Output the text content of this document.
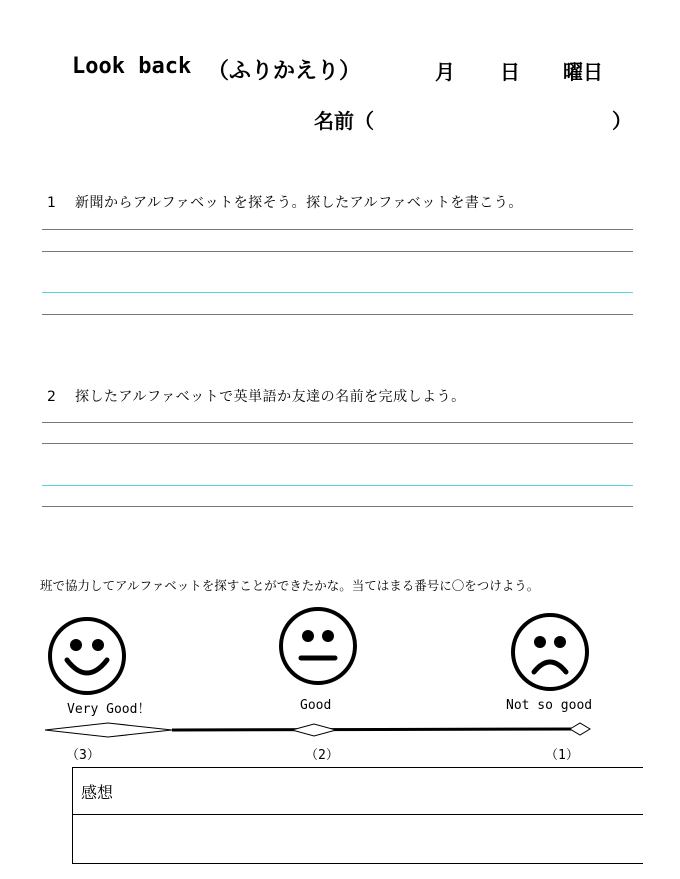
Look back （ふりかえり）	月 日 曜日
名前（	）
1 新聞からアルファベットを探そう。探したアルファベットを書こう。
2 探したアルファベットで英単語か友達の名前を完成しよう。
班で協力してアルファベットを探すことができたかな。当てはまる番号に〇をつけよう。
Very Good！	Good	Not so good
（3）	（2）	（1）
感想
